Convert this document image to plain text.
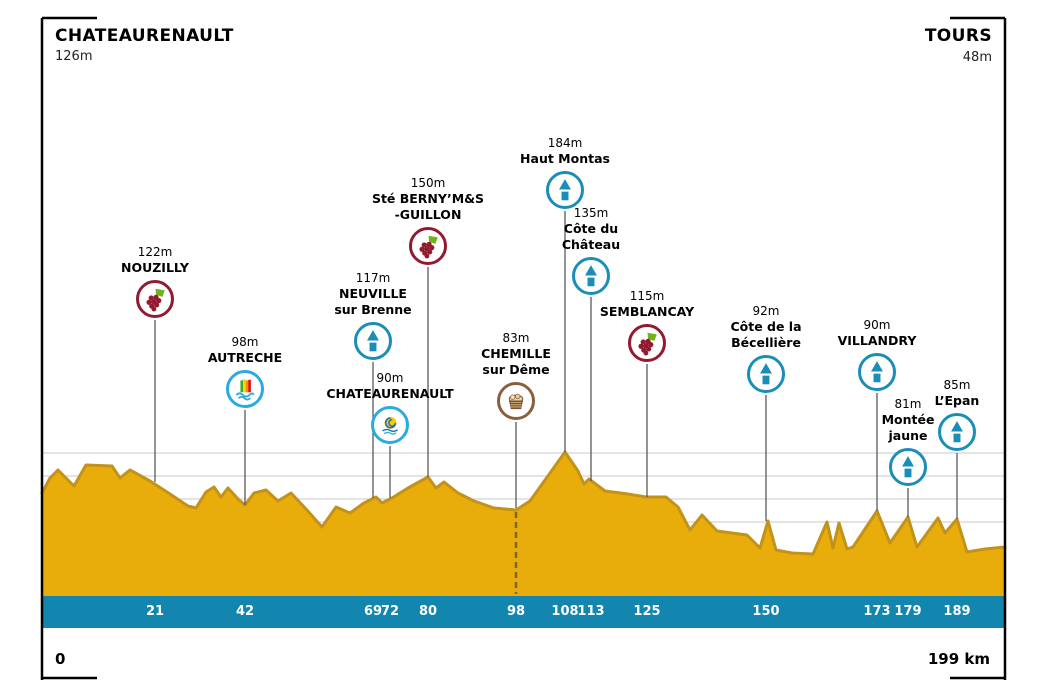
CHATEAURENAULT
126m
TOURS
48m
122m
NOUZILLY
98m
AUTRECHE
117m
NEUVILLE
sur Brenne
90m
CHATEAURENAULT
150m
Sté BERNY’M&S
-GUILLON
83m
CHEMILLE
sur Dême
184m
Haut Montas
135m
Côte du
Château
115m
SEMBLANCAY	92m
Côte de la
Bécellière
90m
VILLANDRY
81m
Montée
jaune
85m
L’Epan
21	42	69
72	80	98	108
113	125	150	173 179	189
0	199 km
